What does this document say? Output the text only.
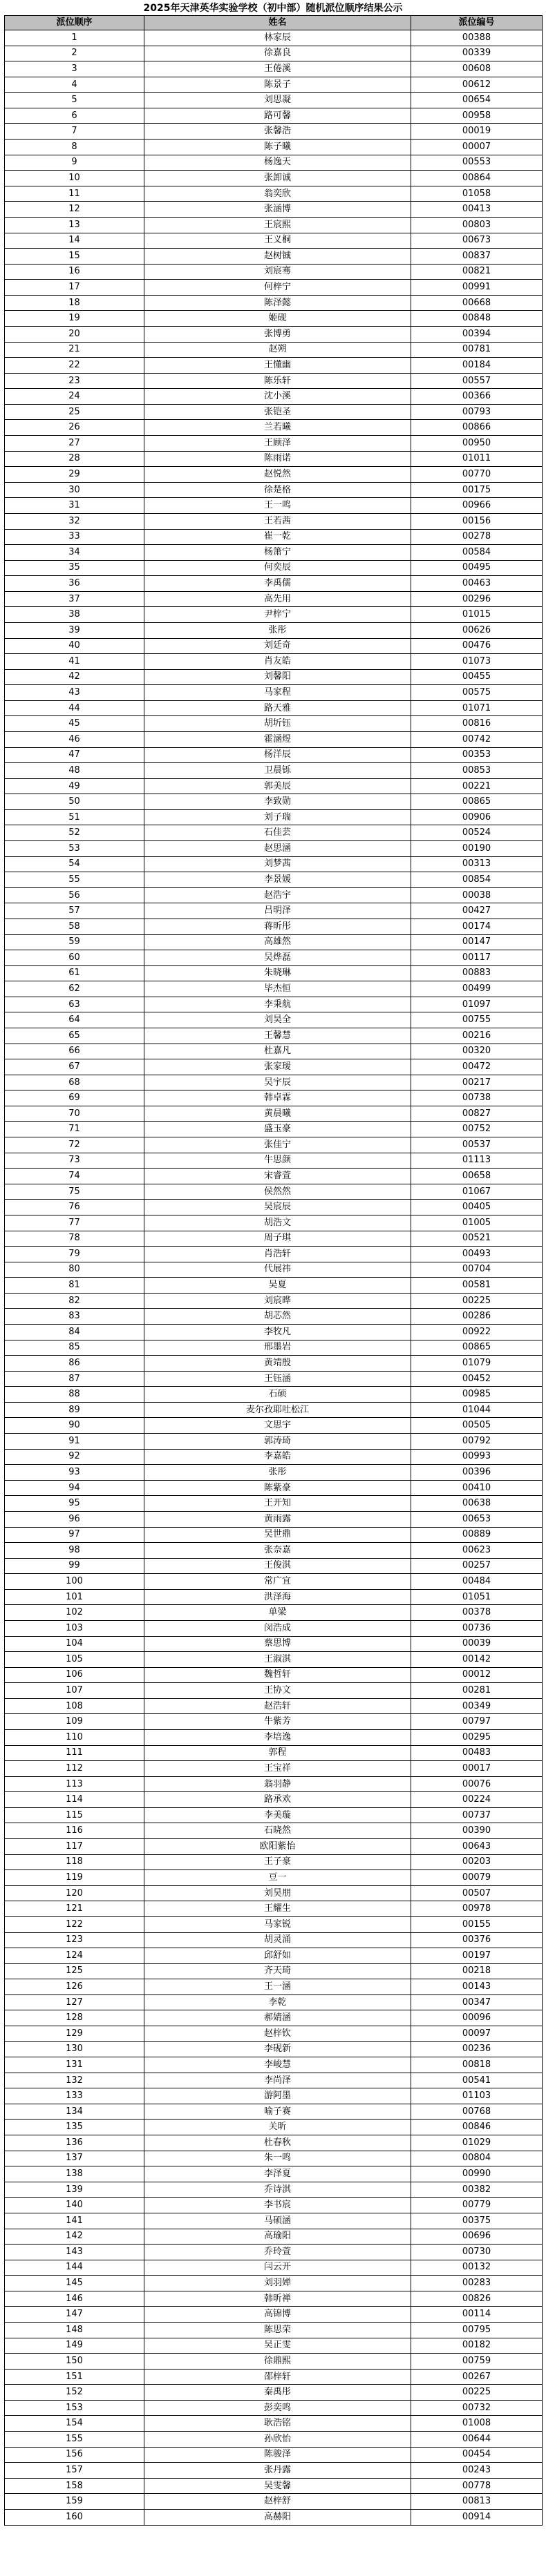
2025年天津英华实验学校（初中部）随机派位顺序结果公示
派位顺序	姓名	派位编号
1	林家辰	00388
2	徐嘉良	00339
3	王倦溪	00608
4	陈景子	00612
5	刘思凝	00654
6	路可馨	00958
7	张馨浩	00019
8	陈子曦	00007
9	杨逸天	00553
10	张卸诚	00864
11	翁奕欣	01058
12	张涵博	00413
13	王宸熙	00803
14	王义桐	00673
15	赵树铖	00837
16	刘宸骞	00821
17	何梓宁	00991
18	陈泽懿	00668
19	姬砚	00848
20	张博勇	00394
21	赵朔	00781
22	王懂幽	00184
23	陈乐轩	00557
24	沈小溪	00366
25	张铠圣	00793
26	兰若曦	00866
27	王顾泽	00950
28	陈雨诺	01011
29	赵悦然	00770
30	徐楚格	00175
31	王一鸣	00966
32	王若茜	00156
33	崔一乾	00278
34	杨箫宁	00584
35	何奕辰	00495
36	李禹儒	00463
37	高先用	00296
38	尹梓宁	01015
39	张彤	00626
40	刘廷奇	00476
41	肖友皓	01073
42	刘馨阳	00455
43	马家程	00575
44	路天雅	01071
45	胡圻钰	00816
46	霍涵煜	00742
47	杨洋辰	00353
48	卫晨铄	00853
49	郭美辰	00221
50	李致勋	00865
51	刘子瑞	00906
52	石佳芸	00524
53	赵思涵	00190
54	刘梦茜	00313
55	李景媛	00854
56	赵浩宇	00038
57	吕明泽	00427
58	蒋昕彤	00174
59	高雄然	00147
60	吴烨磊	00117
61	朱晓琳	00883
62	毕杰恒	00499
63	李秉航	01097
64	刘昊全	00755
65	王馨慧	00216
66	杜嘉凡	00320
67	张家瑷	00472
68	吴宇辰	00217
69	韩卓霖	00738
70	黄晨曦	00827
71	盛玉豪	00752
72	张佳宁	00537
73	牛思颜	01113
74	宋睿萱	00658
75	侯然然	01067
76	吴宸辰	00405
77	胡浩文	01005
78	周子琪	00521
79	肖浩轩	00493
80	代展祎	00704
81	吴夏	00581
82	刘宸晔	00225
83	胡芯然	00286
84	李牧凡	00922
85	邢墨岩	00865
86	黄靖殷	01079
87	王钰涵	00452
88	石硕	00985
89	麦尔孜耶吐松江	01044
90	文思宇	00505
91	郭涛琦	00792
92	李嘉皓	00993
93	张彤	00396
94	陈紫豪	00410
95	王开知	00638
96	黄雨露	00653
97	吴世鼎	00889
98	张奈嘉	00623
99	王俊淇	00257
100	常广宜	00484
101	洪泽海	01051
102	单梁	00378
103	闵浩成	00736
104	蔡思博	00039
105	王淑淇	00142
106	魏哲轩	00012
107	王协文	00281
108	赵浩轩	00349
109	牛紫芳	00797
110	李培逸	00295
111	郭程	00483
112	王宝祥	00017
113	翁羽静	00076
114	路承欢	00224
115	李美璇	00737
116	石晓然	00390
117	欧阳紫怡	00643
118	王子豪	00203
119	豆一	00079
120	刘昊朋	00507
121	王耀生	00978
122	马家锐	00155
123	胡灵涌	00376
124	邱舒如	00197
125	齐天琦	00218
126	王一涵	00143
127	李乾	00347
128	郝婧涵	00096
129	赵梓钦	00097
130	李砚新	00236
131	李峻慧	00818
132	李尚泽	00541
133	游阿墨	01103
134	喻子赛	00768
135	关昕	00846
136	杜春秋	01029
137	朱一鸣	00804
138	李泽夏	00990
139	乔诗淇	00382
140	李书宸	00779
141	马硕涵	00375
142	高瑜阳	00696
143	乔玲萱	00730
144	闫云开	00132
145	刘羽婵	00283
146	韩昕禅	00826
147	高锦博	00114
148	陈思荣	00795
149	吴正雯	00182
150	徐鼎熙	00759
151	邵梓轩	00267
152	秦禹彤	00225
153	彭奕鸣	00732
154	耿浩铭	01008
155	孙欣怡	00644
156	陈骏泽	00454
157	张丹露	00243
158	吴雯馨	00778
159	赵梓舒	00813
160	高赫阳	00914
